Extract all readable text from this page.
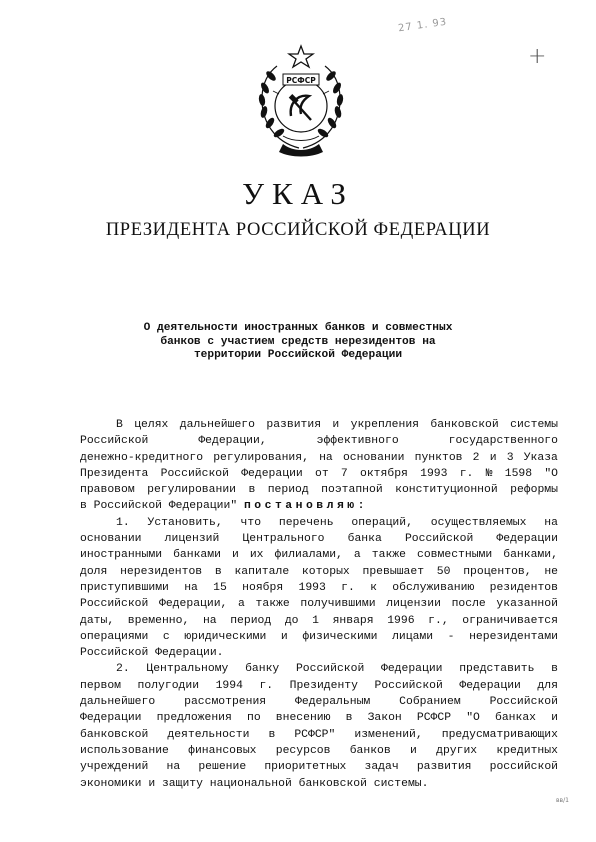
РСФСР
27 1. 93
+
УКАЗ
ПРЕЗИДЕНТА РОССИЙСКОЙ ФЕДЕРАЦИИ
О деятельности иностранных банков и совместных
банков с участием средств нерезидентов на
территории Российской Федерации
В целях дальнейшего развития и укрепления банковской системы
Российской	Федерации,	эффективного	государственного
денежно-кредитного регулирования, на основании пунктов 2 и 3 Указа
Президента Российской Федерации от 7 октября 1993 г. № 1598 "О
правовом регулировании в период поэтапной конституционной реформы
в Российской Федерации" постановляю:
1. Установить, что перечень операций, осуществляемых на
основании лицензий Центрального банка Российской Федерации
иностранными банками и их филиалами, а также совместными банками,
доля нерезидентов в капитале которых превышает 50 процентов, не
приступившими на 15 ноября 1993 г. к обслуживанию резидентов
Российской Федерации, а также получившими лицензии после указанной
даты, временно, на период до 1 января 1996 г., ограничивается
операциями с юридическими и физическими лицами - нерезидентами
Российской Федерации.
2. Центральному банку Российской Федерации представить в
первом полугодии 1994 г. Президенту Российской Федерации для
дальнейшего	рассмотрения	Федеральным	Собранием	Российской
Федерации предложения по внесению в Закон РСФСР "О банках и
банковской деятельности в РСФСР" изменений, предусматривающих
использование финансовых ресурсов банков и других кредитных
учреждений на решение приоритетных задач развития российской
экономики и защиту национальной банковской системы.
вв/1
